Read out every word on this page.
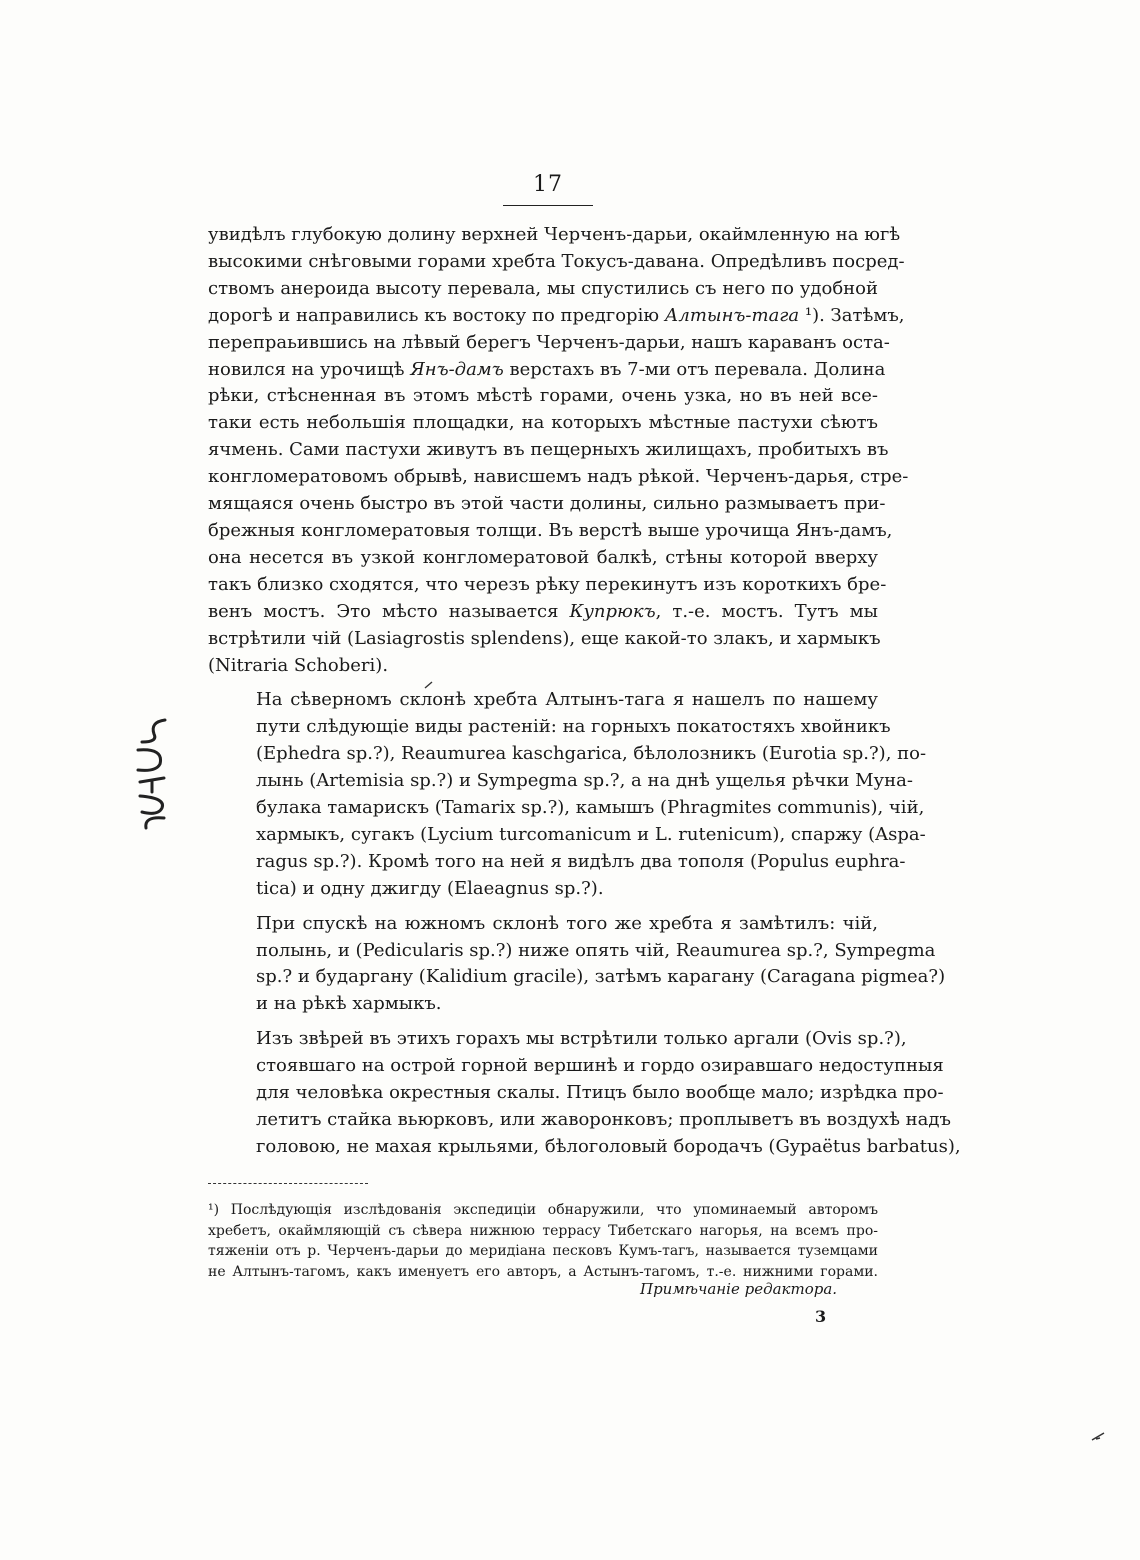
17

увидѣлъ глубокую долину верхней Черченъ-дарьи, окаймленную на югѣ
высокими снѣговыми горами хребта Токусъ-давана. Опредѣливъ посред-
ствомъ анероида высоту перевала, мы спустились съ него по удобной
дорогѣ и направились къ востоку по предгорію Алтынъ-тага ¹). Затѣмъ,
перепраьившись на лѣвый берегъ Черченъ-дарьи, нашъ караванъ оста-
новился на урочищѣ Янъ-дамъ верстахъ въ 7-ми отъ перевала. Долина
рѣки, стѣсненная въ этомъ мѣстѣ горами, очень узка, но въ ней все-
таки есть небольшія площадки, на которыхъ мѣстные пастухи сѣютъ
ячмень. Сами пастухи живутъ въ пещерныхъ жилищахъ, пробитыхъ въ
конгломератовомъ обрывѣ, нависшемъ надъ рѣкой. Черченъ-дарья, стре-
мящаяся очень быстро въ этой части долины, сильно размываетъ при-
брежныя конгломератовыя толщи. Въ верстѣ выше урочища Янъ-дамъ,
она несется въ узкой конгломератовой балкѣ, стѣны которой вверху
такъ близко сходятся, что черезъ рѣку перекинутъ изъ короткихъ бре-
венъ мостъ. Это мѣсто называется Купрюкъ, т.-е. мостъ. Тутъ мы
встрѣтили чій (Lasiagrostis splendens), еще какой-то злакъ, и хармыкъ
(Nitraria Schoberi).

На сѣверномъ склонѣ хребта Алтынъ-тага я нашелъ по нашему
пути слѣдующіе виды растеній: на горныхъ покатостяхъ хвойникъ
(Ephedra sp.?), Reaumurea kaschgarica, бѣлолозникъ (Eurotia sp.?), по-
лынь (Artemisia sp.?) и Sympegma sp.?, а на днѣ ущелья рѣчки Муна-
булака тамарискъ (Tamarix sp.?), камышъ (Phragmites communis), чій,
хармыкъ, сугакъ (Lycium turcomanicum и L. rutenicum), спаржу (Aspa-
ragus sp.?). Кромѣ того на ней я видѣлъ два тополя (Populus euphra-
tica) и одну джигду (Elaeagnus sp.?).

При спускѣ на южномъ склонѣ того же хребта я замѣтилъ: чій,
полынь, и (Pedicularis sp.?) ниже опять чій, Reaumurea sp.?, Sympegma
sp.? и бударгану (Kalidium gracile), затѣмъ карагану (Caragana pigmea?)
и на рѣкѣ хармыкъ.

Изъ звѣрей въ этихъ горахъ мы встрѣтили только аргали (Ovis sp.?),
стоявшаго на острой горной вершинѣ и гордо озиравшаго недоступныя
для человѣка окрестныя скалы. Птицъ было вообще мало; изрѣдка про-
летитъ стайка вьюрковъ, или жаворонковъ; проплыветъ въ воздухѣ надъ
головою, не махая крыльями, бѣлоголовый бородачъ (Gypaëtus barbatus),

¹) Послѣдующія изслѣдованія экспедиціи обнаружили, что упоминаемый авторомъ
хребетъ, окаймляющій съ сѣвера нижнюю террасу Тибетскаго нагорья, на всемъ про-
тяженіи отъ р. Черченъ-дарьи до меридіана песковъ Кумъ-тагъ, называется туземцами
не Алтынъ-тагомъ, какъ именуетъ его авторъ, а Астынъ-тагомъ, т.-е. нижними горами.
Примѣчаніе редактора.
3
